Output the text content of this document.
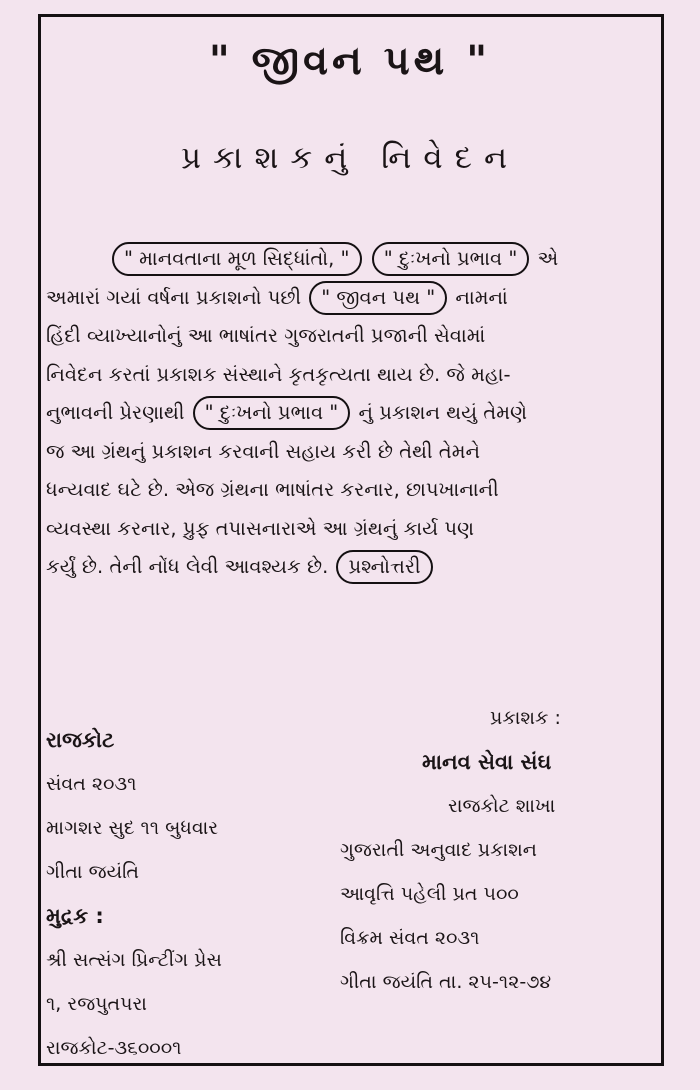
" જીવન પથ "
પ્રકાશકનું નિવેદન
" માનવતાના મૂળ સિદ્ધાંતો, " " દુઃખનો પ્રભાવ " એ
અમારાં ગયાં વર્ષના પ્રકાશનો પછી " જીવન પથ " નામનાં
હિંદી વ્યાખ્યાનોનું આ ભાષાંતર ગુજરાતની પ્રજાની સેવામાં
નિવેદન કરતાં પ્રકાશક સંસ્થાને કૃતકૃત્યતા થાય છે. જે મહા-
નુભાવની પ્રેરણાથી " દુઃખનો પ્રભાવ " નું પ્રકાશન થયું તેમણે
જ આ ગ્રંથનું પ્રકાશન કરવાની સહાય કરી છે તેથી તેમને
ધન્યવાદ ઘટે છે. એજ ગ્રંથના ભાષાંતર કરનાર, છાપખાનાની
વ્યવસ્થા કરનાર, પ્રુફ તપાસનારાએ આ ગ્રંથનું કાર્ય પણ
કર્યું છે. તેની નોંધ લેવી આવશ્યક છે. પ્રશ્નોત્તરી
રાજકોટ
સંવત ૨૦૩૧
માગશર સુદ ૧૧ બુધવાર
ગીતા જયંતિ
મુદ્રક :
શ્રી સત્સંગ પ્રિન્ટીંગ પ્રેસ
૧, રજપુતપરા
રાજકોટ-૩૬૦૦૦૧
પ્રકાશક :
માનવ સેવા સંઘ
રાજકોટ શાખા
ગુજરાતી અનુવાદ પ્રકાશન
આવૃત્તિ પહેલી પ્રત ૫૦૦
વિક્રમ સંવત ૨૦૩૧
ગીતા જયંતિ તા. ૨૫-૧૨-૭૪
